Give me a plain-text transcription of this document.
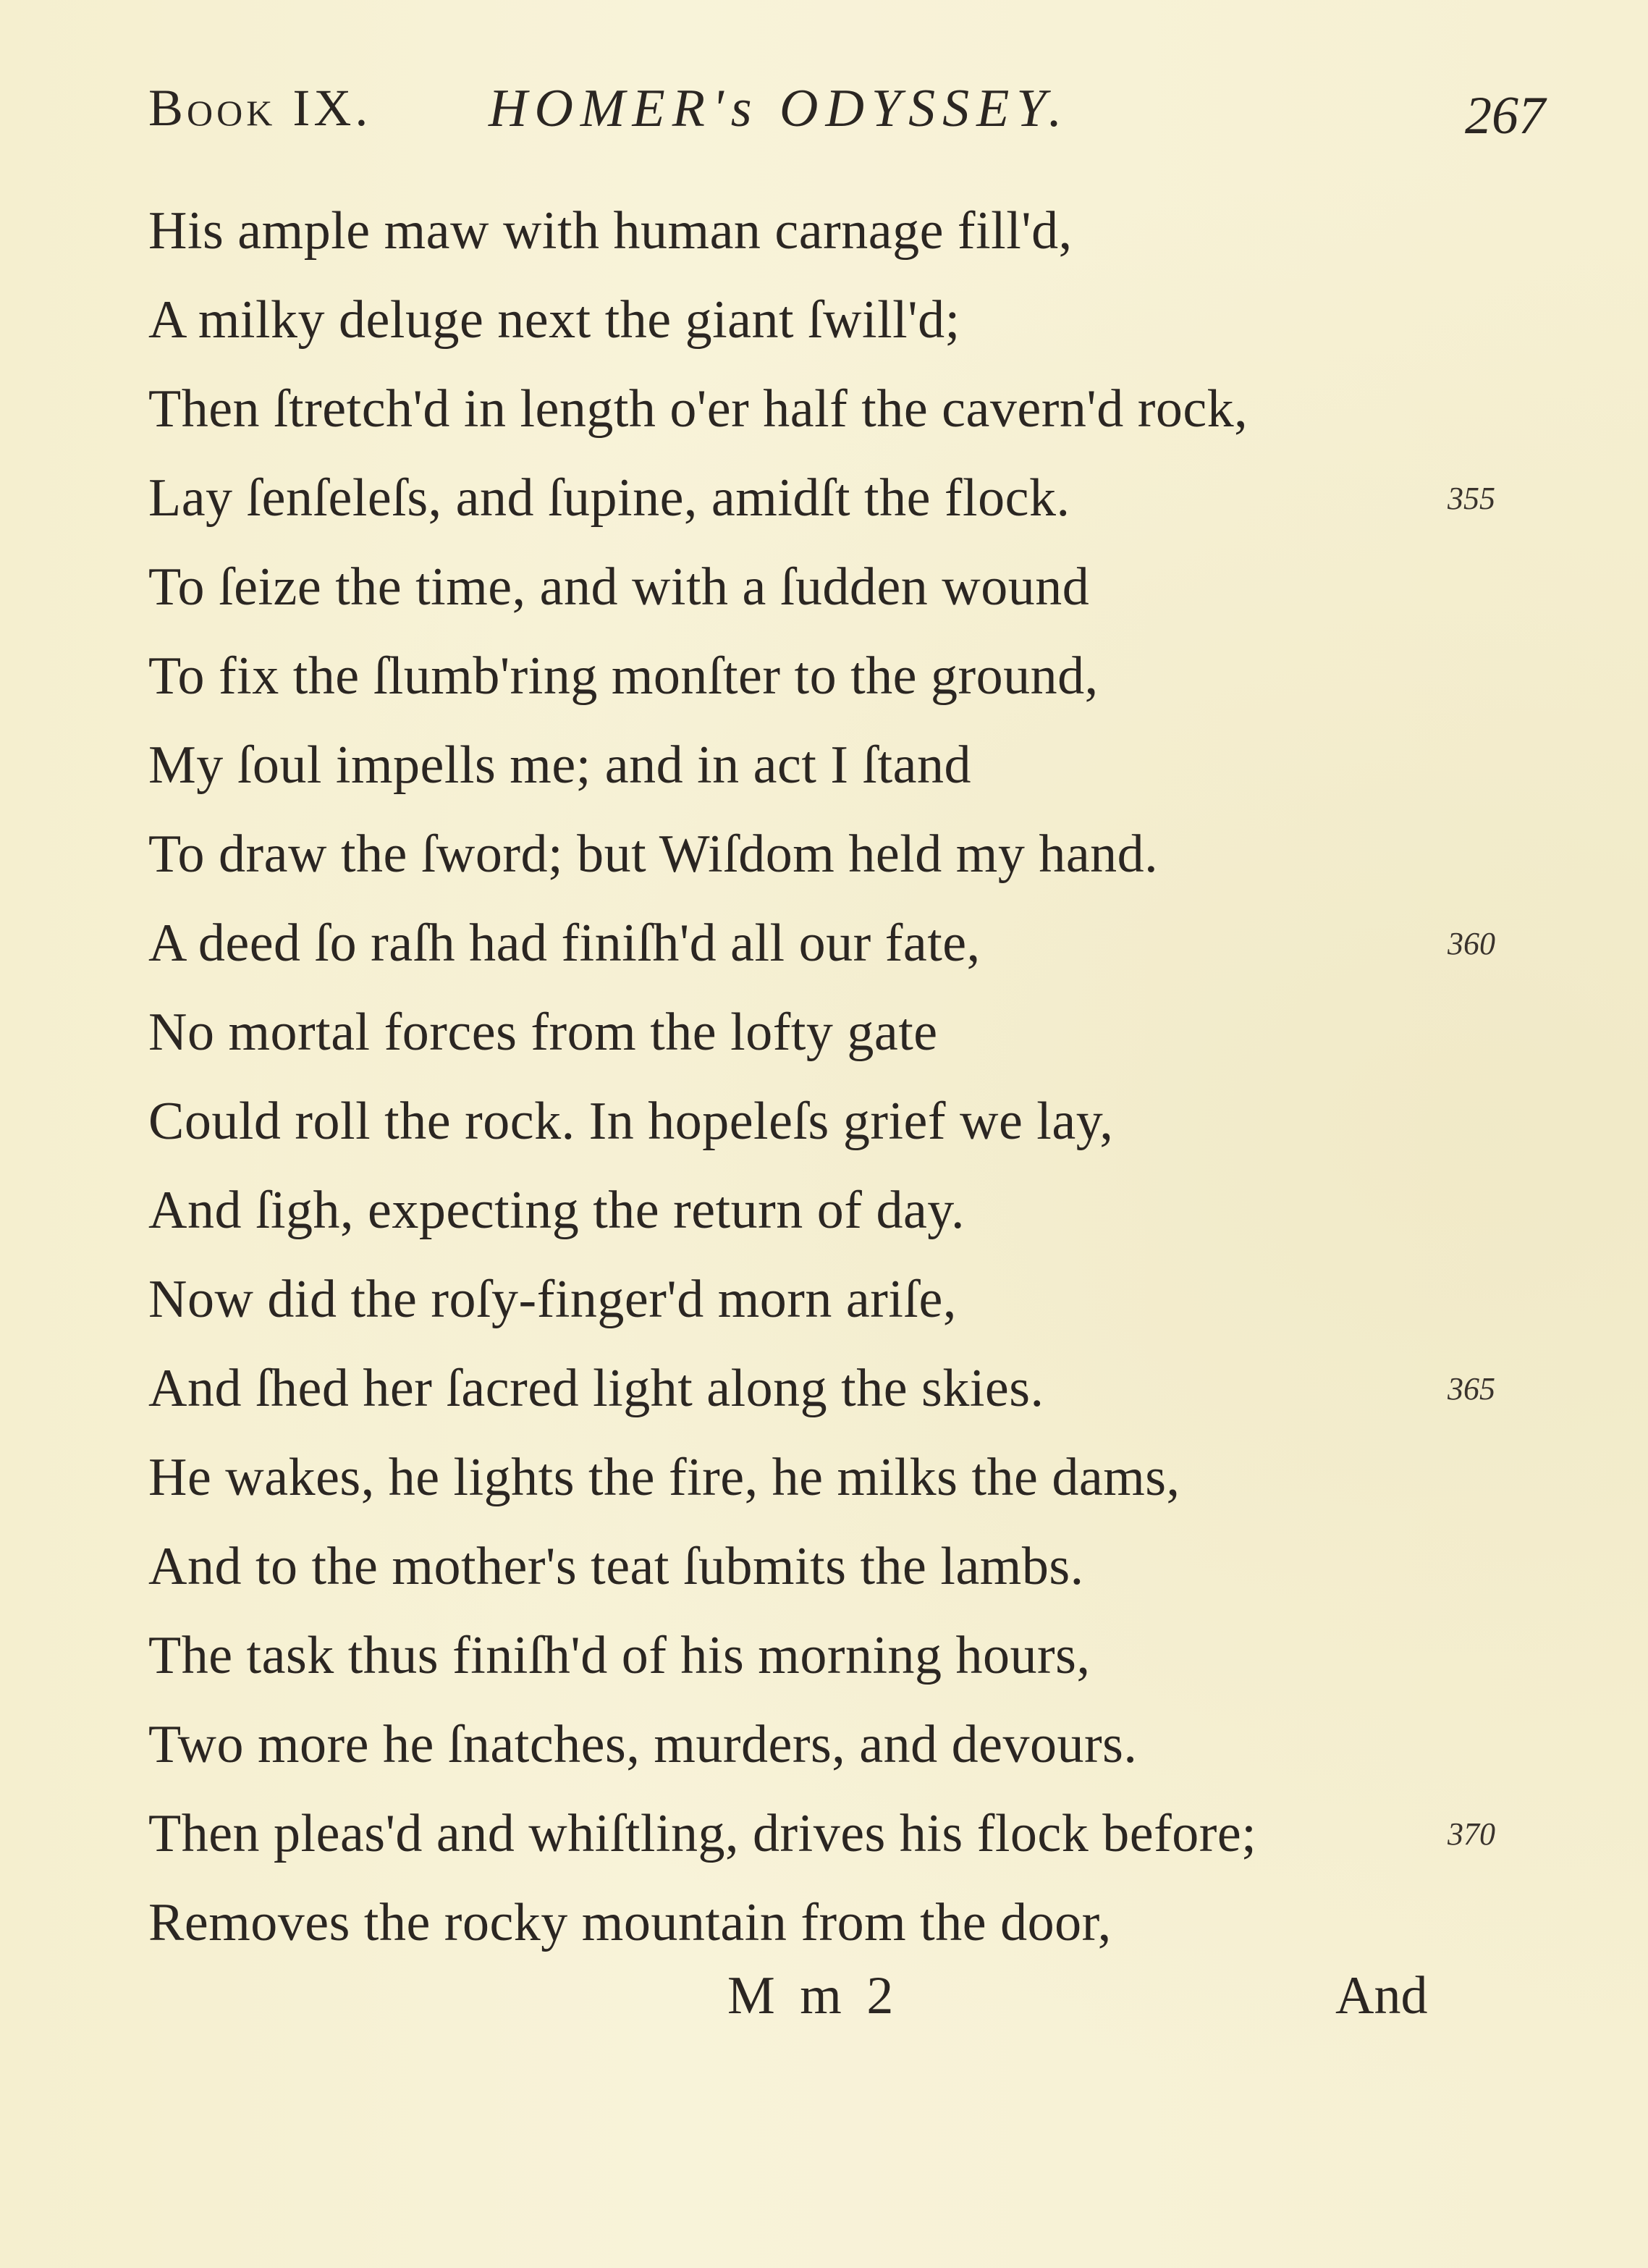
Book IX. HOMER's ODYSSEY.	267
His ample maw with human carnage fill'd,
A milky deluge next the giant ſwill'd;
Then ſtretch'd in length o'er half the cavern'd rock,
Lay ſenſeleſs, and ſupine, amidſt the flock.	355
To ſeize the time, and with a ſudden wound
To fix the ſlumb'ring monſter to the ground,
My ſoul impells me; and in act I ſtand
To draw the ſword; but Wiſdom held my hand.
A deed ſo raſh had finiſh'd all our fate,	360
No mortal forces from the lofty gate
Could roll the rock. In hopeleſs grief we lay,
And ſigh, expecting the return of day.
Now did the roſy-finger'd morn ariſe,
And ſhed her ſacred light along the skies.	365
He wakes, he lights the fire, he milks the dams,
And to the mother's teat ſubmits the lambs.
The task thus finiſh'd of his morning hours,
Two more he ſnatches, murders, and devours.
Then pleas'd and whiſtling, drives his flock before;	370
Removes the rocky mountain from the door,
M m 2	And
